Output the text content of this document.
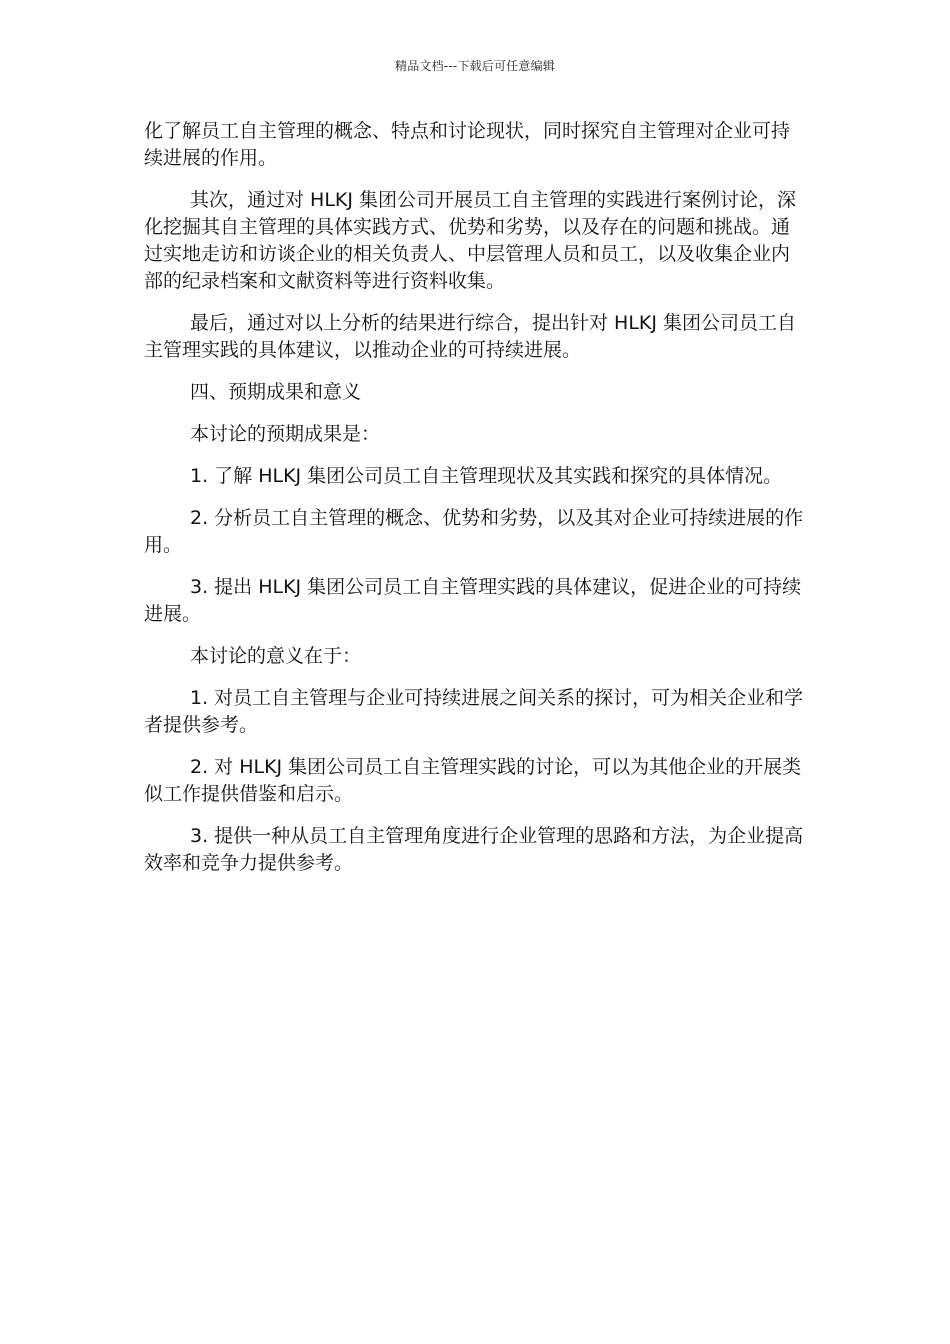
精品文档---下载后可任意编辑

化了解员工自主管理的概念、特点和讨论现状，同时探究自主管理对企业可持续进展的作用。

其次，通过对 HLKJ 集团公司开展员工自主管理的实践进行案例讨论，深化挖掘其自主管理的具体实践方式、优势和劣势，以及存在的问题和挑战。通过实地走访和访谈企业的相关负责人、中层管理人员和员工，以及收集企业内部的纪录档案和文献资料等进行资料收集。

最后，通过对以上分析的结果进行综合，提出针对 HLKJ 集团公司员工自主管理实践的具体建议，以推动企业的可持续进展。

四、预期成果和意义

本讨论的预期成果是：

1. 了解 HLKJ 集团公司员工自主管理现状及其实践和探究的具体情况。

2. 分析员工自主管理的概念、优势和劣势，以及其对企业可持续进展的作用。

3. 提出 HLKJ 集团公司员工自主管理实践的具体建议，促进企业的可持续进展。

本讨论的意义在于：

1. 对员工自主管理与企业可持续进展之间关系的探讨，可为相关企业和学者提供参考。

2. 对 HLKJ 集团公司员工自主管理实践的讨论，可以为其他企业的开展类似工作提供借鉴和启示。

3. 提供一种从员工自主管理角度进行企业管理的思路和方法，为企业提高效率和竞争力提供参考。
